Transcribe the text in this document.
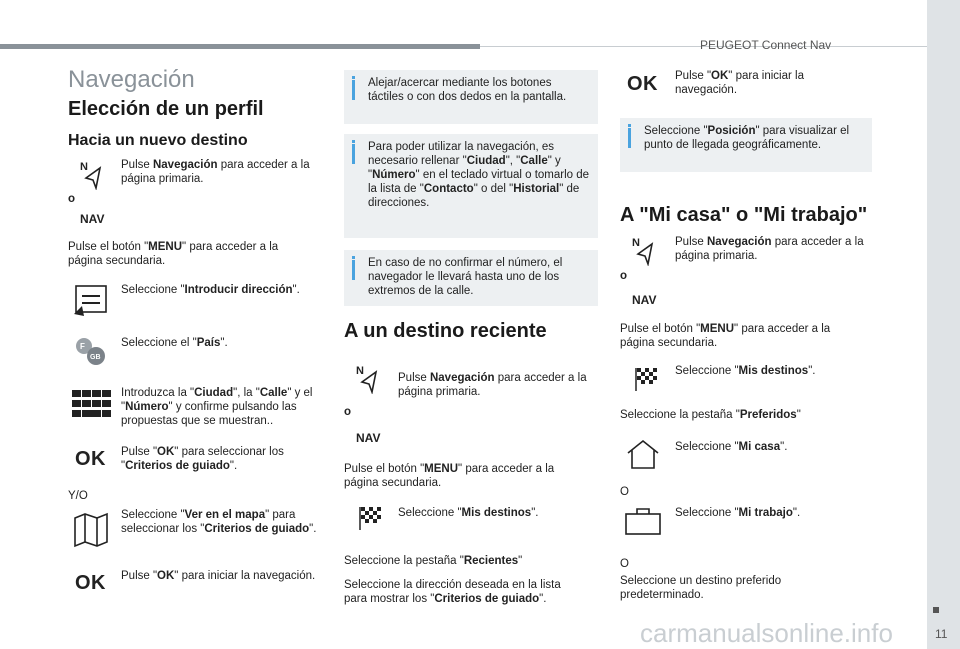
PEUGEOT Connect Nav
11
carmanualsonline.info
Navegación
Elección de un perfil
Hacia un nuevo destino
N	Pulse Navegación para acceder a la página primaria.
o
NAV
Pulse el botón "MENU" para acceder a la página secundaria.
Seleccione "Introducir dirección".
F
GB
Seleccione el "País".
Introduzca la "Ciudad", la "Calle" y el "Número" y confirme pulsando las propuestas que se muestran..
OK Pulse "OK" para seleccionar los "Criterios de guiado".
Y/O
Seleccione "Ver en el mapa" para seleccionar los "Criterios de guiado".
OK Pulse "OK" para iniciar la navegación.
Alejar/acercar mediante los botones táctiles o con dos dedos en la pantalla.
Para poder utilizar la navegación, es necesario rellenar "Ciudad", "Calle" y "Número" en el teclado virtual o tomarlo de la lista de "Contacto" o del "Historial" de direcciones.
En caso de no confirmar el número, el navegador le llevará hasta uno de los extremos de la calle.
A un destino reciente
N
Pulse Navegación para acceder a la página primaria.
o
NAV
Pulse el botón "MENU" para acceder a la página secundaria.
Seleccione "Mis destinos".
Seleccione la pestaña "Recientes"
Seleccione la dirección deseada en la lista para mostrar los "Criterios de guiado".
OK Pulse "OK" para iniciar la navegación.
Seleccione "Posición" para visualizar el punto de llegada geográficamente.
A "Mi casa" o "Mi trabajo"
N	Pulse Navegación para acceder a la página primaria.
o
NAV
Pulse el botón "MENU" para acceder a la página secundaria.
Seleccione "Mis destinos".
Seleccione la pestaña "Preferidos"
Seleccione "Mi casa".
O
Seleccione "Mi trabajo".
O
Seleccione un destino preferido predeterminado.
